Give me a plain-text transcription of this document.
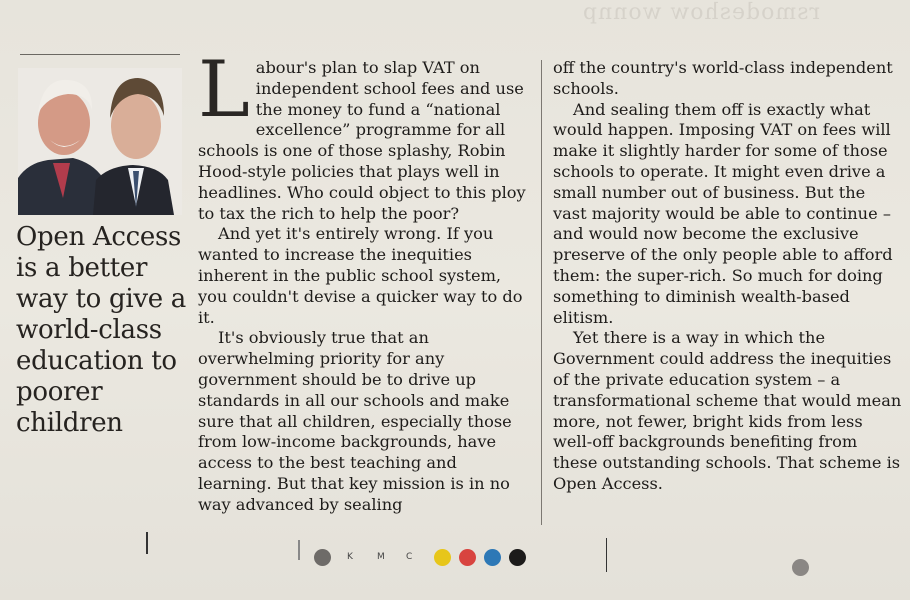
rsmodeshow wonnp
Open Access is a better way to give a world-class education to poorer children

L abour's plan to slap VAT on independent school fees and use the money to fund a “national excellence” programme for all schools is one of those splashy, Robin Hood-style policies that plays well in headlines. Who could object to this ploy to tax the rich to help the poor?

And yet it's entirely wrong. If you wanted to increase the inequities inherent in the public school system, you couldn't devise a quicker way to do it.

It's obviously true that an overwhelming priority for any government should be to drive up standards in all our schools and make sure that all children, especially those from low-income backgrounds, have access to the best teaching and learning. But that key mission is in no way advanced by sealing

off the country's world-class independent schools.

And sealing them off is exactly what would happen. Imposing VAT on fees will make it slightly harder for some of those schools to operate. It might even drive a small number out of business. But the vast majority would be able to continue – and would now become the exclusive preserve of the only people able to afford them: the super-rich. So much for doing something to diminish wealth-based elitism.

Yet there is a way in which the Government could address the inequities of the private education system – a transformational scheme that would mean more, not fewer, bright kids from less well-off backgrounds benefiting from these outstanding schools. That scheme is Open Access.

K	M C
